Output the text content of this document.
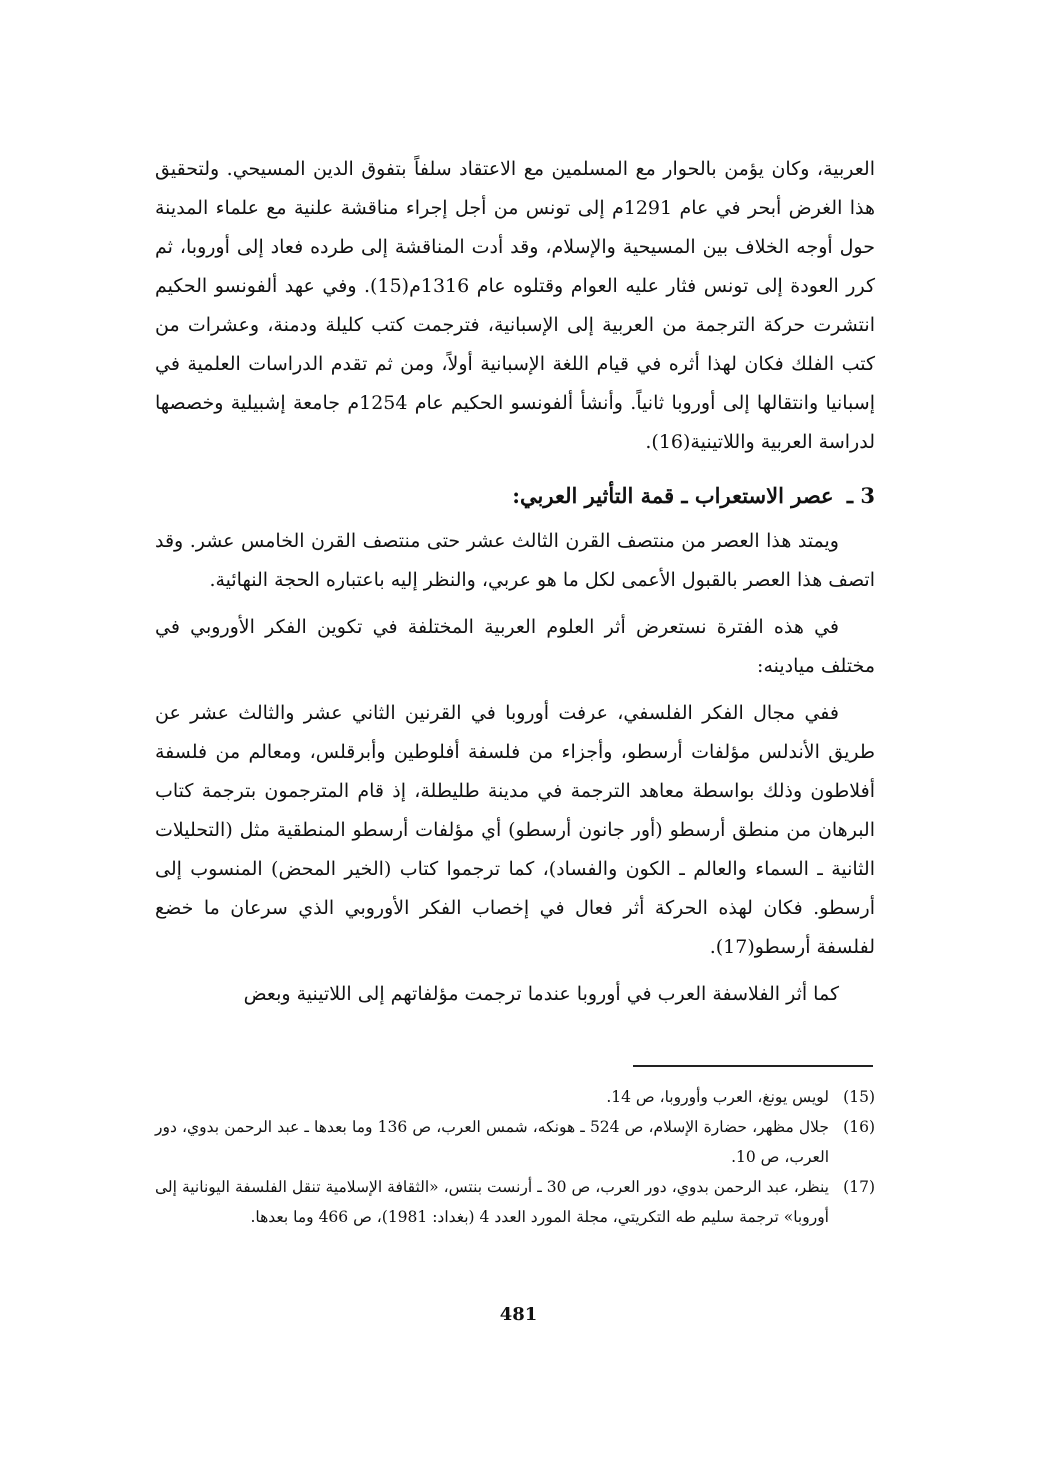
العربية، وكان يؤمن بالحوار مع المسلمين مع الاعتقاد سلفاً بتفوق الدين المسيحي. ولتحقيق هذا الغرض أبحر في عام 1291م إلى تونس من أجل إجراء مناقشة علنية مع علماء المدينة حول أوجه الخلاف بين المسيحية والإسلام، وقد أدت المناقشة إلى طرده فعاد إلى أوروبا، ثم كرر العودة إلى تونس فثار عليه العوام وقتلوه عام 1316م(15). وفي عهد ألفونسو الحكيم انتشرت حركة الترجمة من العربية إلى الإسبانية، فترجمت كتب كليلة ودمنة، وعشرات من كتب الفلك فكان لهذا أثره في قيام اللغة الإسبانية أولاً، ومن ثم تقدم الدراسات العلمية في إسبانيا وانتقالها إلى أوروبا ثانياً. وأنشأ ألفونسو الحكيم عام 1254م جامعة إشبيلية وخصصها لدراسة العربية واللاتينية(16).

3 ـ عصر الاستعراب ـ قمة التأثير العربي:

ويمتد هذا العصر من منتصف القرن الثالث عشر حتى منتصف القرن الخامس عشر. وقد اتصف هذا العصر بالقبول الأعمى لكل ما هو عربي، والنظر إليه باعتباره الحجة النهائية.

في هذه الفترة نستعرض أثر العلوم العربية المختلفة في تكوين الفكر الأوروبي في مختلف ميادينه:

ففي مجال الفكر الفلسفي، عرفت أوروبا في القرنين الثاني عشر والثالث عشر عن طريق الأندلس مؤلفات أرسطو، وأجزاء من فلسفة أفلوطين وأبرقلس، ومعالم من فلسفة أفلاطون وذلك بواسطة معاهد الترجمة في مدينة طليطلة، إذ قام المترجمون بترجمة كتاب البرهان من منطق أرسطو (أور جانون أرسطو) أي مؤلفات أرسطو المنطقية مثل (التحليلات الثانية ـ السماء والعالم ـ الكون والفساد)، كما ترجموا كتاب (الخير المحض) المنسوب إلى أرسطو. فكان لهذه الحركة أثر فعال في إخصاب الفكر الأوروبي الذي سرعان ما خضع لفلسفة أرسطو(17).

كما أثر الفلاسفة العرب في أوروبا عندما ترجمت مؤلفاتهم إلى اللاتينية وبعض

(15)
لويس يونغ، العرب وأوروبا، ص 14.
(16)
جلال مظهر، حضارة الإسلام، ص 524 ـ هونكه، شمس العرب، ص 136 وما بعدها ـ عبد الرحمن بدوي، دور العرب، ص 10.
(17)
ينظر، عبد الرحمن بدوي، دور العرب، ص 30 ـ أرنست بنتس، «الثقافة الإسلامية تنقل الفلسفة اليونانية إلى أوروبا» ترجمة سليم طه التكريتي، مجلة المورد العدد 4 (بغداد: 1981)، ص 466 وما بعدها.
481
